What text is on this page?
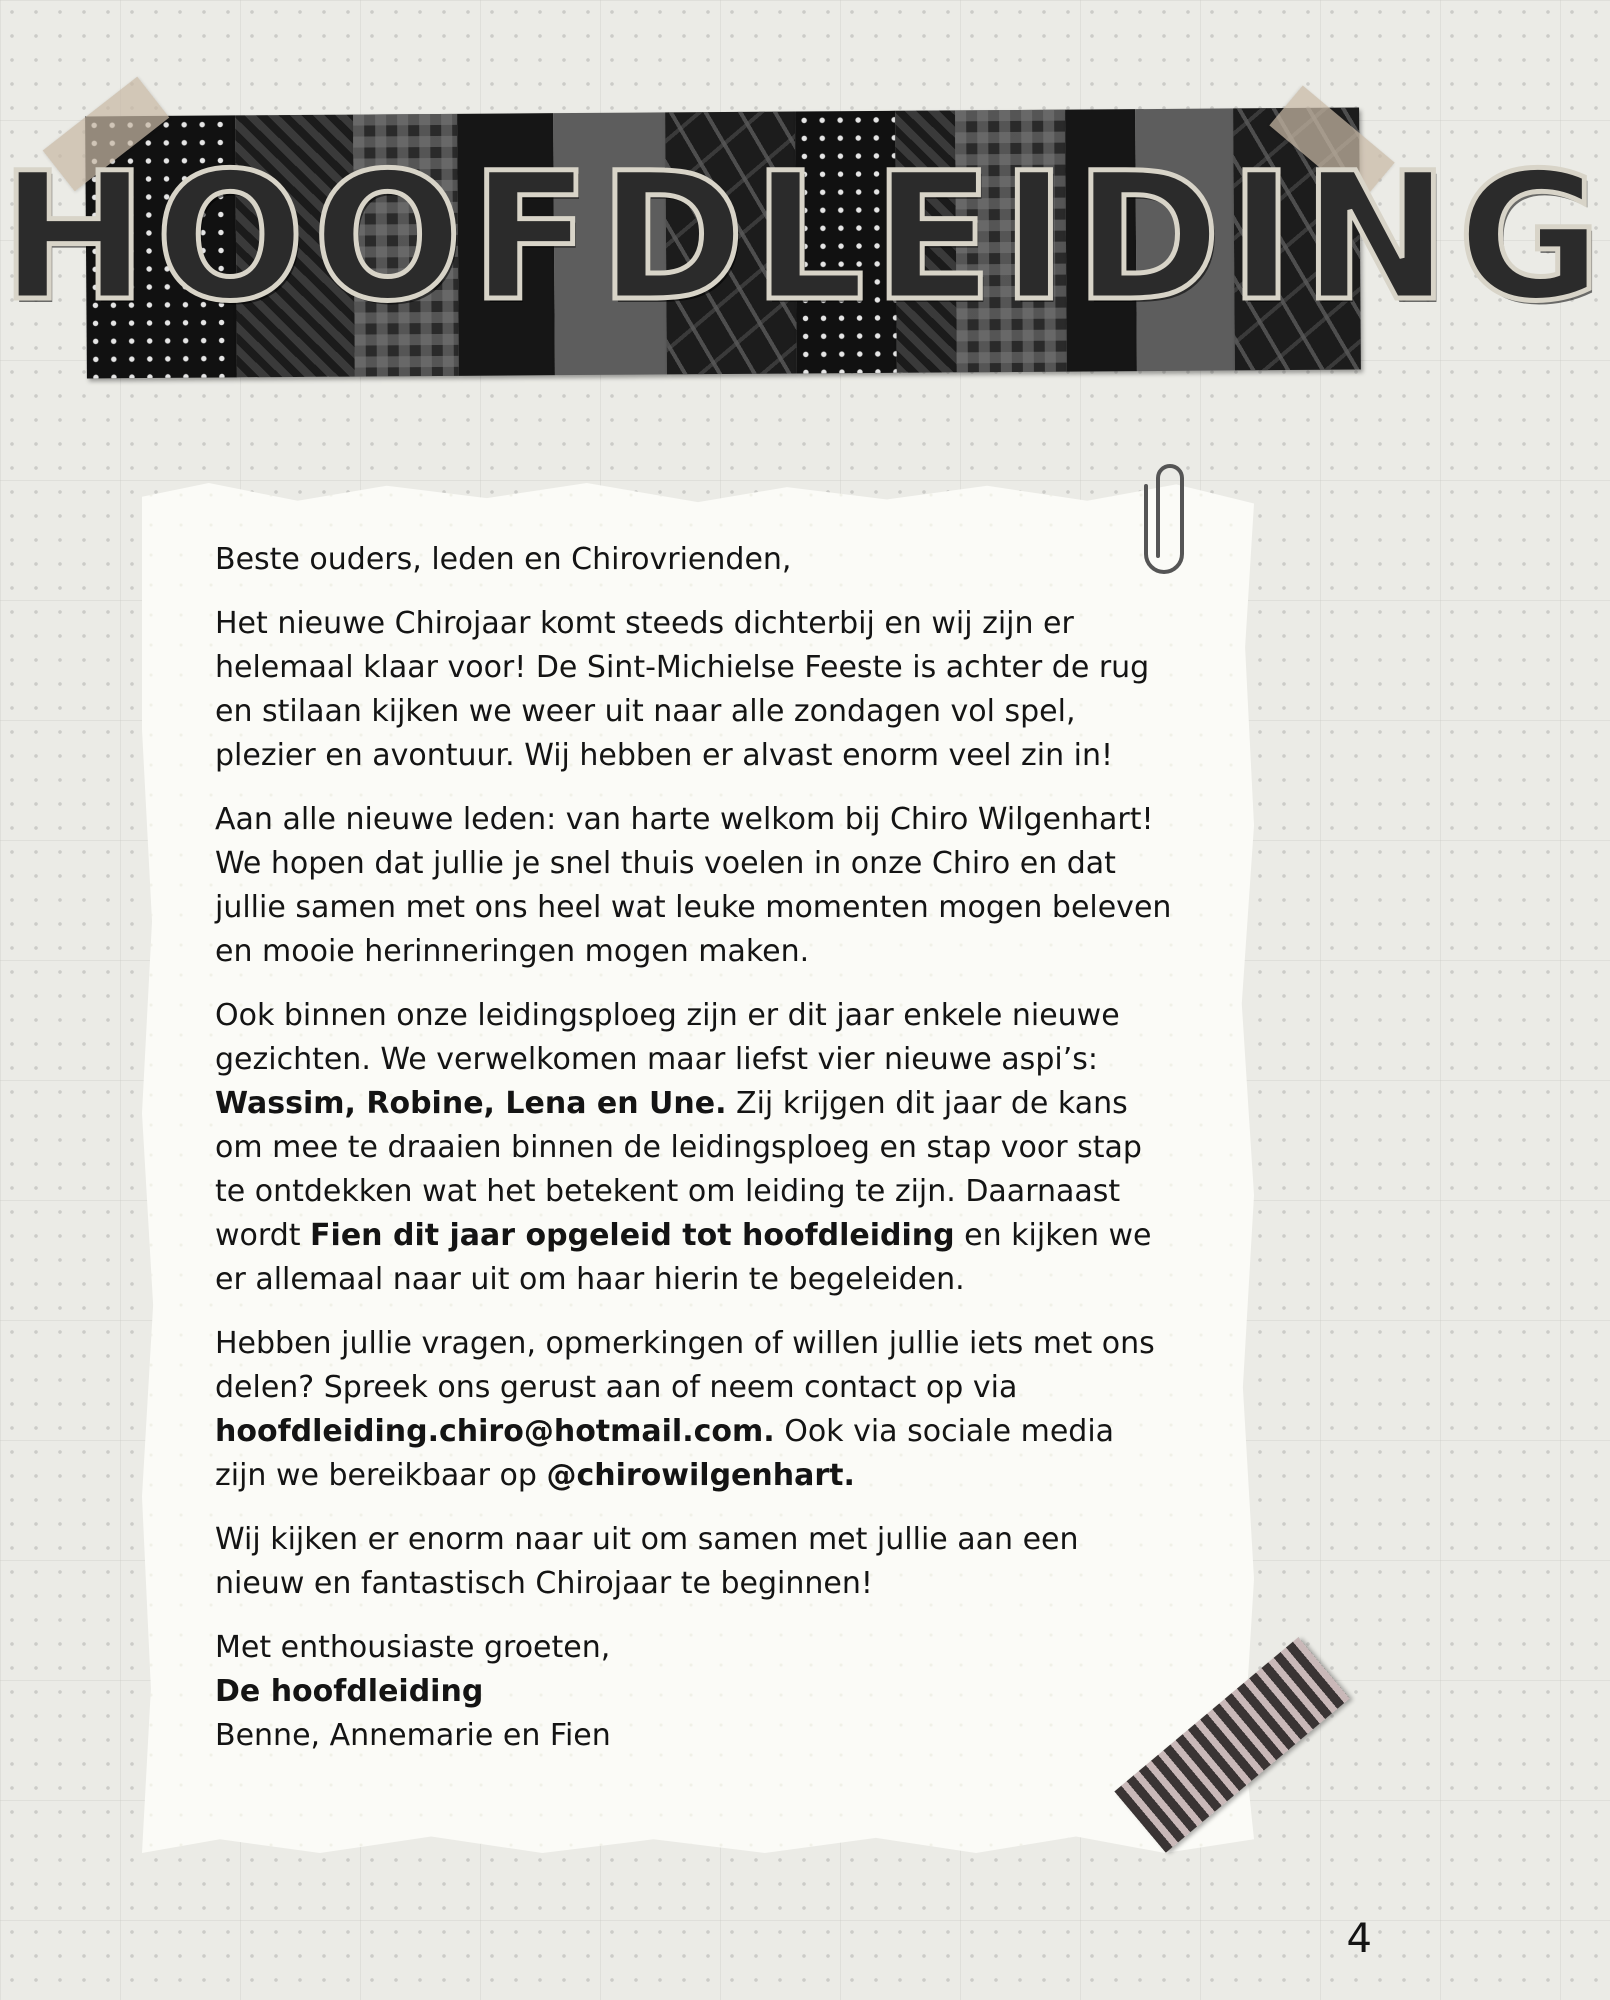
HOOFDLEIDING

Beste ouders, leden en Chirovrienden,

Het nieuwe Chirojaar komt steeds dichterbij en wij zijn er helemaal klaar voor! De Sint-Michielse Feeste is achter de rug en stilaan kijken we weer uit naar alle zondagen vol spel, plezier en avontuur. Wij hebben er alvast enorm veel zin in!

Aan alle nieuwe leden: van harte welkom bij Chiro Wilgenhart! We hopen dat jullie je snel thuis voelen in onze Chiro en dat jullie samen met ons heel wat leuke momenten mogen beleven en mooie herinneringen mogen maken.

Ook binnen onze leidingsploeg zijn er dit jaar enkele nieuwe gezichten. We verwelkomen maar liefst vier nieuwe aspi’s: Wassim, Robine, Lena en Une. Zij krijgen dit jaar de kans om mee te draaien binnen de leidingsploeg en stap voor stap te ontdekken wat het betekent om leiding te zijn. Daarnaast wordt Fien dit jaar opgeleid tot hoofdleiding en kijken we er allemaal naar uit om haar hierin te begeleiden.

Hebben jullie vragen, opmerkingen of willen jullie iets met ons delen? Spreek ons gerust aan of neem contact op via hoofdleiding.chiro@hotmail.com. Ook via sociale media zijn we bereikbaar op @chirowilgenhart.

Wij kijken er enorm naar uit om samen met jullie aan een nieuw en fantastisch Chirojaar te beginnen!

Met enthousiaste groeten,

De hoofdleiding

Benne, Annemarie en Fien

4
